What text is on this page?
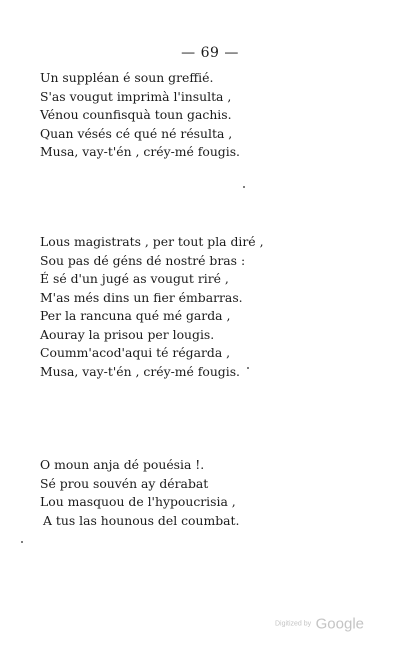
— 69 —
Un suppléan é soun greffié.
S'as vougut imprimà l'insulta ,
Vénou counfisquà toun gachis.
Quan vésés cé qué né résulta ,
Musa, vay-t'én , créy-mé fougis.
Lous magistrats , per tout pla diré ,
Sou pas dé géns dé nostré bras :
É sé d'un jugé as vougut riré ,
M'as més dins un fier émbarras.
Per la rancuna qué mé garda ,
Aouray la prisou per lougis.
Coumm'acod'aqui té régarda ,
Musa, vay-t'én , créy-mé fougis.
O moun anja dé pouésia !.
Sé prou souvén ay dérabat
Lou masquou de l'hypoucrisia ,
A tus las hounous del coumbat.
Digitized by Google
